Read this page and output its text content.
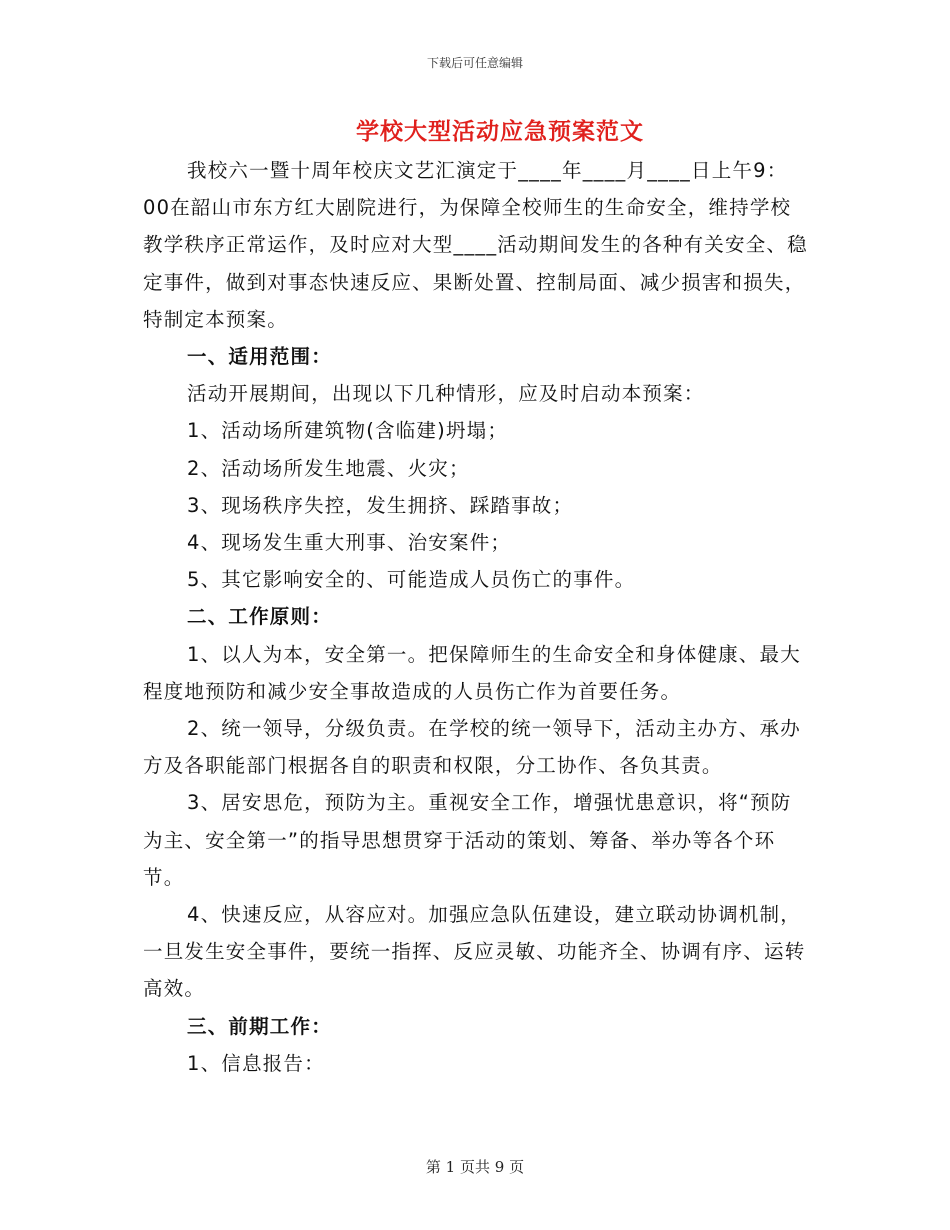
下载后可任意编辑
学校大型活动应急预案范文

我校六一暨十周年校庆文艺汇演定于____年____月____日上午9：00在韶山市东方红大剧院进行，为保障全校师生的生命安全，维持学校教学秩序正常运作，及时应对大型____活动期间发生的各种有关安全、稳定事件，做到对事态快速反应、果断处置、控制局面、减少损害和损失，特制定本预案。

一、适用范围：

活动开展期间，出现以下几种情形，应及时启动本预案：

1、活动场所建筑物(含临建)坍塌；

2、活动场所发生地震、火灾；

3、现场秩序失控，发生拥挤、踩踏事故；

4、现场发生重大刑事、治安案件；

5、其它影响安全的、可能造成人员伤亡的事件。

二、工作原则：

1、以人为本，安全第一。把保障师生的生命安全和身体健康、最大程度地预防和减少安全事故造成的人员伤亡作为首要任务。

2、统一领导，分级负责。在学校的统一领导下，活动主办方、承办方及各职能部门根据各自的职责和权限，分工协作、各负其责。

3、居安思危，预防为主。重视安全工作，增强忧患意识，将“预防为主、安全第一”的指导思想贯穿于活动的策划、筹备、举办等各个环节。

4、快速反应，从容应对。加强应急队伍建设，建立联动协调机制，一旦发生安全事件，要统一指挥、反应灵敏、功能齐全、协调有序、运转高效。

三、前期工作：

1、信息报告：

第 1 页共 9 页
